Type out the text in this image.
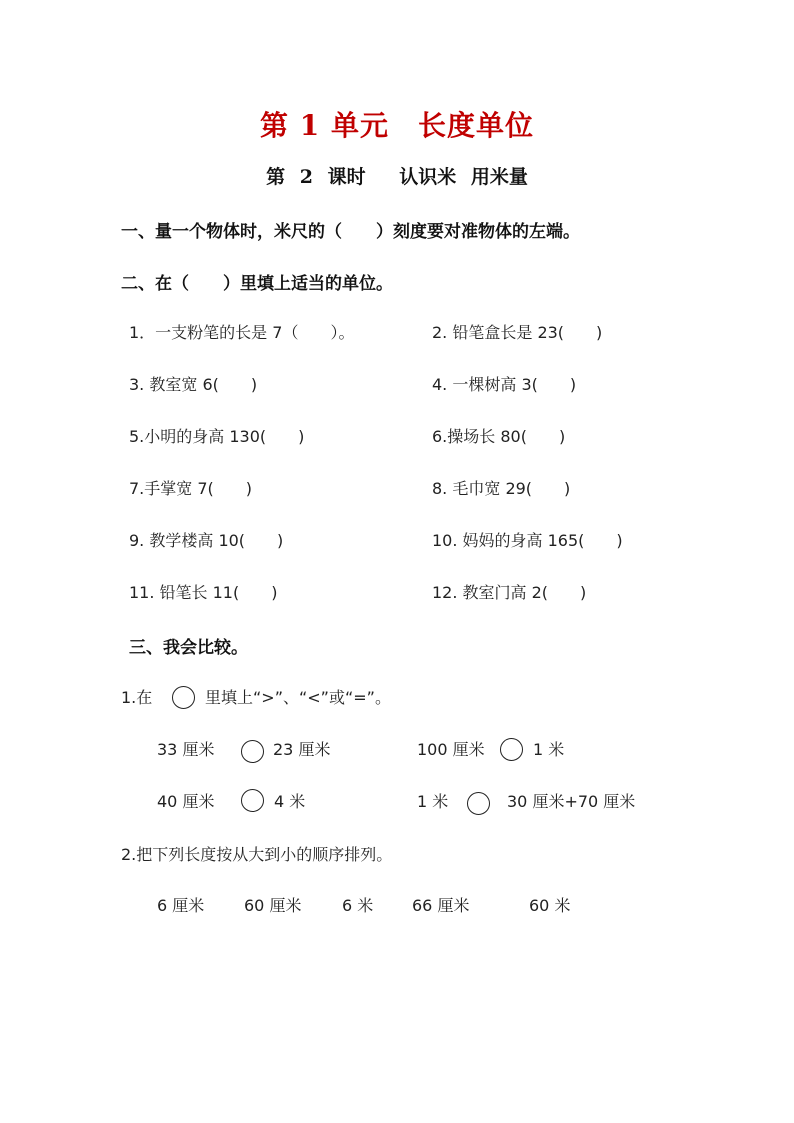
第 1 单元　长度单位
第 2 课时　 认识米 用米量
一、量一个物体时，米尺的（　　）刻度要对准物体的左端。
二、在（　　）里填上适当的单位。
1．一支粉笔的长是 7（　　）。	2. 铅笔盒长是 23(　　)
3. 教室宽 6(　　)	4. 一棵树高 3(　　)
5.小明的身高 130(　　)	6.操场长 80(　　)
7.手掌宽 7(　　)	8. 毛巾宽 29(　　)
9. 教学楼高 10(　　)	10. 妈妈的身高 165(　　)
11. 铅笔长 11(　　)	12. 教室门高 2(　　)
三、我会比较。
1.在	里填上“>”、“<”或“=”。
33 厘米	23 厘米	100 厘米	1 米
40 厘米	4 米	1 米	30 厘米+70 厘米
2.把下列长度按从大到小的顺序排列。
6 厘米 60 厘米	6 米 66 厘米	60 米
